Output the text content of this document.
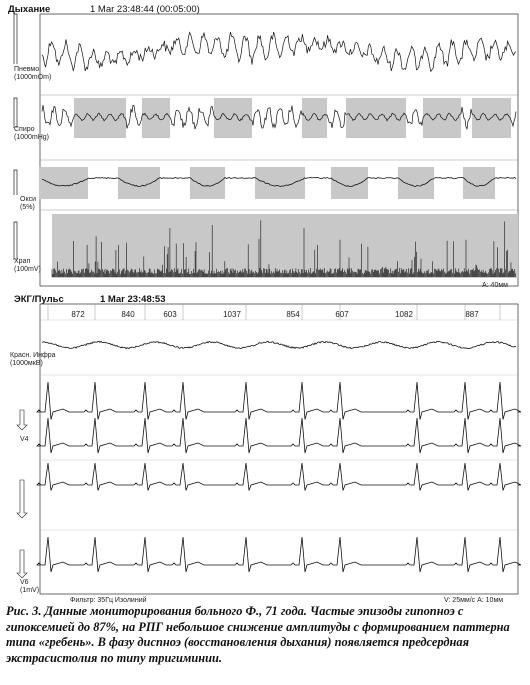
Дыхание	1 Mar 23:48:44 (00:05:00)
Пневмо
(1000mOm)
Спиро
(1000mHg)
Окси
(5%)
Храп
(100mV)
A: 40мм
ЭКГ/Пульс	1 Mar 23:48:53
Красн. Инфра
(1000мкВ)
V4
V6
(1mV)
Фильтр: 35Гц Изолиний	V: 25мм/с A: 10мм
872	840	603	1037	854	607	1082	887
Рис. 3. Данные мониторирования больного Ф., 71 года. Частые эпизоды гипопноэ с гипоксемией до 87%, на РПГ небольшое снижение амплитуды с формированием паттерна типа «гребень». В фазу диспноэ (восстановления дыхания) появляется предсердная экстрасистолия по типу тригиминии.
